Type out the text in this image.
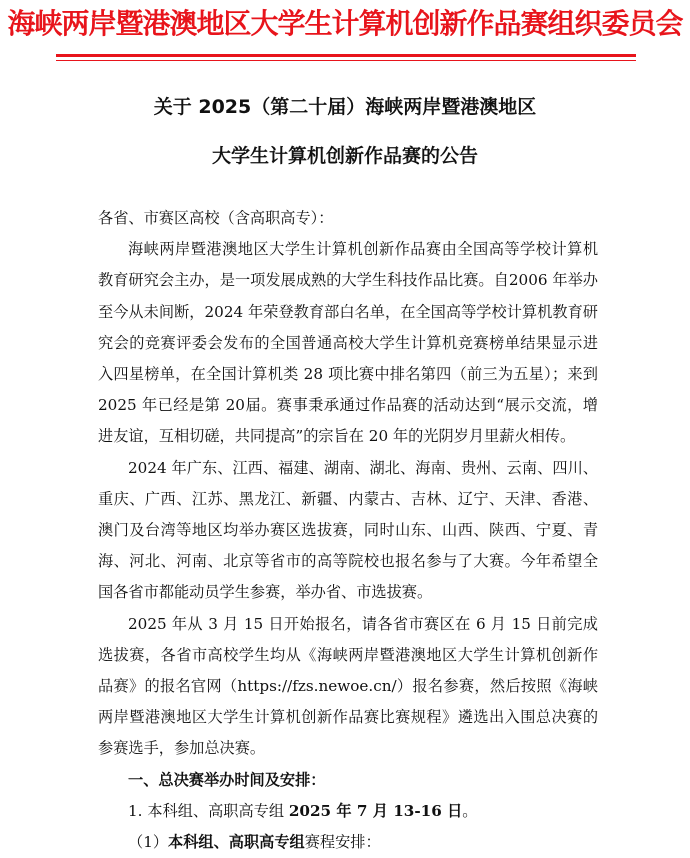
海峡两岸暨港澳地区大学生计算机创新作品赛组织委员会
关于 2025（第二十届）海峡两岸暨港澳地区
大学生计算机创新作品赛的公告

各省、市赛区高校（含高职高专）：

海峡两岸暨港澳地区大学生计算机创新作品赛由全国高等学校计算机教育研究会主办，是一项发展成熟的大学生科技作品比赛。自2006 年举办至今从未间断，2024 年荣登教育部白名单，在全国高等学校计算机教育研究会的竞赛评委会发布的全国普通高校大学生计算机竞赛榜单结果显示进入四星榜单，在全国计算机类 28 项比赛中排名第四（前三为五星）；来到 2025 年已经是第 20届。赛事秉承通过作品赛的活动达到“展示交流，增进友谊，互相切磋，共同提高”的宗旨在 20 年的光阴岁月里薪火相传。

2024 年广东、江西、福建、湖南、湖北、海南、贵州、云南、四川、重庆、广西、江苏、黑龙江、新疆、内蒙古、吉林、辽宁、天津、香港、澳门及台湾等地区均举办赛区选拔赛，同时山东、山西、陕西、宁夏、青海、河北、河南、北京等省市的高等院校也报名参与了大赛。今年希望全国各省市都能动员学生参赛，举办省、市选拔赛。

2025 年从 3 月 15 日开始报名，请各省市赛区在 6 月 15 日前完成选拔赛，各省市高校学生均从《海峡两岸暨港澳地区大学生计算机创新作品赛》的报名官网（https://fzs.newoe.cn/）报名参赛，然后按照《海峡两岸暨港澳地区大学生计算机创新作品赛比赛规程》遴选出入围总决赛的参赛选手，参加总决赛。

一、总决赛举办时间及安排：

1. 本科组、高职高专组 2025 年 7 月 13-16 日。

（1）本科组、高职高专组赛程安排：
